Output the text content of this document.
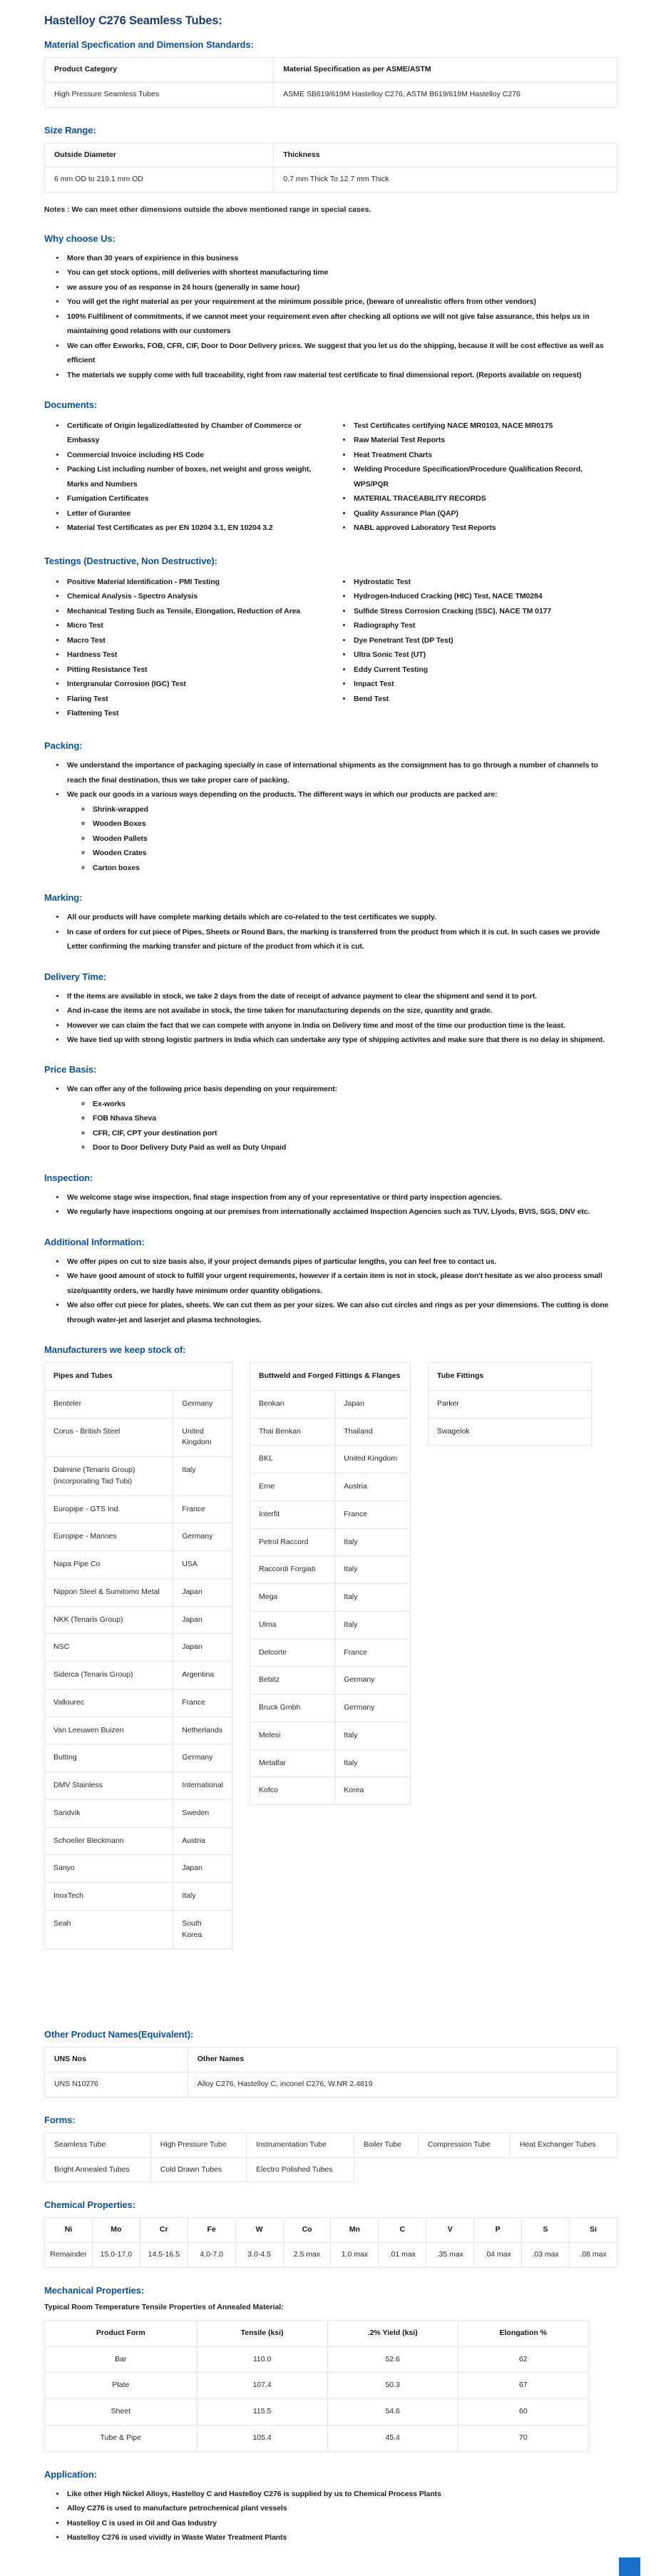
Hastelloy C276 Seamless Tubes:
Material Specfication and Dimension Standards:
Product Category	Material Specification as per ASME/ASTM
High Pressure Seamless Tubes	ASME SB619/619M Hastelloy C276, ASTM B619/619M Hastelloy C276
Size Range:
Outside Diameter	Thickness
6 mm OD to 219.1 mm OD	0.7 mm Thick To 12.7 mm Thick

Notes : We can meet other dimensions outside the above mentioned range in special cases.

Why choose Us:
• More than 30 years of expirience in this business
• You can get stock options, mill deliveries with shortest manufacturing time
• we assure you of as response in 24 hours (generally in same hour)
• You will get the right material as per your requirement at the minimum possible price, (beware of unrealistic offers from other vendors)
• 100% Fulfilment of commitments, if we cannot meet your requirement even after checking all options we will not give false assurance, this helps us in maintaining good relations with our customers
• We can offer Exworks, FOB, CFR, CIF, Door to Door Delivery prices. We suggest that you let us do the shipping, because it will be cost effective as well as efficient
• The materials we supply come with full traceability, right from raw material test certificate to final dimensional report. (Reports available on request)
Documents:
• Certificate of Origin legalized/attested by Chamber of Commerce or Embassy
• Commercial Invoice including HS Code
• Packing List including number of boxes, net weight and gross weight, Marks and Numbers
• Fumigation Certificates
• Letter of Gurantee
• Material Test Certificates as per EN 10204 3.1, EN 10204 3.2
• Test Certificates certifying NACE MR0103, NACE MR0175
• Raw Material Test Reports
• Heat Treatment Charts
• Welding Procedure Specification/Procedure Qualification Record, WPS/PQR
• MATERIAL TRACEABILITY RECORDS
• Quality Assurance Plan (QAP)
• NABL approved Laboratory Test Reports
Testings (Destructive, Non Destructive):
• Positive Material Identification - PMI Testing
• Chemical Analysis - Spectro Analysis
• Mechanical Testing Such as Tensile, Elongation, Reduction of Area
• Micro Test
• Macro Test
• Hardness Test
• Pitting Resistance Test
• Intergranular Corrosion (IGC) Test
• Flaring Test
• Flattening Test
• Hydrostatic Test
• Hydrogen-Induced Cracking (HIC) Test, NACE TM0284
• Sulfide Stress Corrosion Cracking (SSC), NACE TM 0177
• Radiography Test
• Dye Penetrant Test (DP Test)
• Ultra Sonic Test (UT)
• Eddy Current Testing
• Impact Test
• Bend Test
Packing:
• We understand the importance of packaging specially in case of international shipments as the consignment has to go through a number of channels to reach the final destination, thus we take proper care of packing.
• We pack our goods in a various ways depending on the products. The different ways in which our products are packed are:
◦ Shrink-wrapped
◦ Wooden Boxes
◦ Wooden Pallets
◦ Wooden Crates
◦ Carton boxes
Marking:
• All our products will have complete marking details which are co-related to the test certificates we supply.
• In case of orders for cut piece of Pipes, Sheets or Round Bars, the marking is transferred from the product from which it is cut. In such cases we provide Letter confirming the marking transfer and picture of the product from which it is cut.
Delivery Time:
• If the items are available in stock, we take 2 days from the date of receipt of advance payment to clear the shipment and send it to port.
• And in-case the items are not availabe in stock, the time taken for manufacturing depends on the size, quantity and grade.
• However we can claim the fact that we can compete with anyone in India on Delivery time and most of the time our production time is the least.
• We have tied up with strong logistic partners in India which can undertake any type of shipping activites and make sure that there is no delay in shipment.
Price Basis:
• We can offer any of the following price basis depending on your requirement:
◦ Ex-works
◦ FOB Nhava Sheva
◦ CFR, CIF, CPT your destination port
◦ Door to Door Delivery Duty Paid as well as Duty Unpaid
Inspection:
• We welcome stage wise inspection, final stage inspection from any of your representative or third party inspection agencies.
• We regularly have inspections ongoing at our premises from internationally acclaimed Inspection Agencies such as TUV, Llyods, BVIS, SGS, DNV etc.
Additional Information:
• We offer pipes on cut to size basis also, if your project demands pipes of particular lengths, you can feel free to contact us.
• We have good amount of stock to fulfill your urgent requirements, however if a certain item is not in stock, please don't hesitate as we also process small size/quantity orders, we hardly have minimum order quantity obligations.
• We also offer cut piece for plates, sheets. We can cut them as per your sizes. We can also cut circles and rings as per your dimensions. The cutting is done through water-jet and laserjet and plasma technologies.
Manufacturers we keep stock of:
Pipes and Tubes	
Benteler	Germany
Corus - British Steel	United Kingdom
Dalmine (Tenaris Group) (incorporating Tad Tubi)	Italy
Europipe - GTS Ind.	France
Europipe - Mannes	Germany
Napa Pipe Co	USA
Nippon Steel & Sumitomo Metal	Japan
NKK (Tenaris Group)	Japan
NSC	Japan
Siderca (Tenaris Group)	Argentina
Vallourec	France
Van Leeuwen Buizen	Netherlands
Butting	Germany
DMV Stainless	International
Sandvik	Sweden
Schoeller Bleckmann	Austria
Sanyo	Japan
InoxTech	Italy
Seah	South Korea
Buttweld and Forged Fittings & Flanges	
Benkan	Japan
Thai Benkan	Thailand
BKL	United Kingdom
Erne	Austria
Interfit	France
Petrol Raccord	Italy
Raccordi Forgiati	Italy
Mega	Italy
Ulma	Italy
Delcorte	France
Bebitz	Germany
Bruck Gmbh	Germany
Melesi	Italy
Metalfar	Italy
Kofco	Korea
Tube Fittings
Parker
Swagelok
Other Product Names(Equivalent):
UNS Nos	Other Names
UNS N10276	Alloy C276, Hastelloy C, inconel C276, W.NR 2.4819
Forms:
Seamless Tube	High Pressure Tube	Instrumentation Tube	Boiler Tube	Compression Tube	Heat Exchanger Tubes
Bright Annealed Tubes	Cold Drawn Tubes	Electro Polished Tubes			
Chemical Properties:
Ni	Mo	Cr	Fe	W	Co	Mn	C	V	P	S	Si
Remainder	15.0-17.0	14.5-16.5	4.0-7.0	3.0-4.5	2.5 max	1.0 max	.01 max	.35 max	.04 max	.03 max	.08 max
Mechanical Properties:

Typical Room Temperature Tensile Properties of Annealed Material:

Product Form	Tensile (ksi)	.2% Yield (ksi)	Elongation %
Bar	110.0	52.6	62
Plate	107.4	50.3	67
Sheet	115.5	54.6	60
Tube & Pipe	105.4	45.4	70
Application:
• Like other High Nickel Alloys, Hastelloy C and Hastelloy C276 is supplied by us to Chemical Process Plants
• Alloy C276 is used to manufacture petrochemical plant vessels
• Hastelloy C is used in Oil and Gas Industry
• Hastelloy C276 is used vividly in Waste Water Treatment Plants
